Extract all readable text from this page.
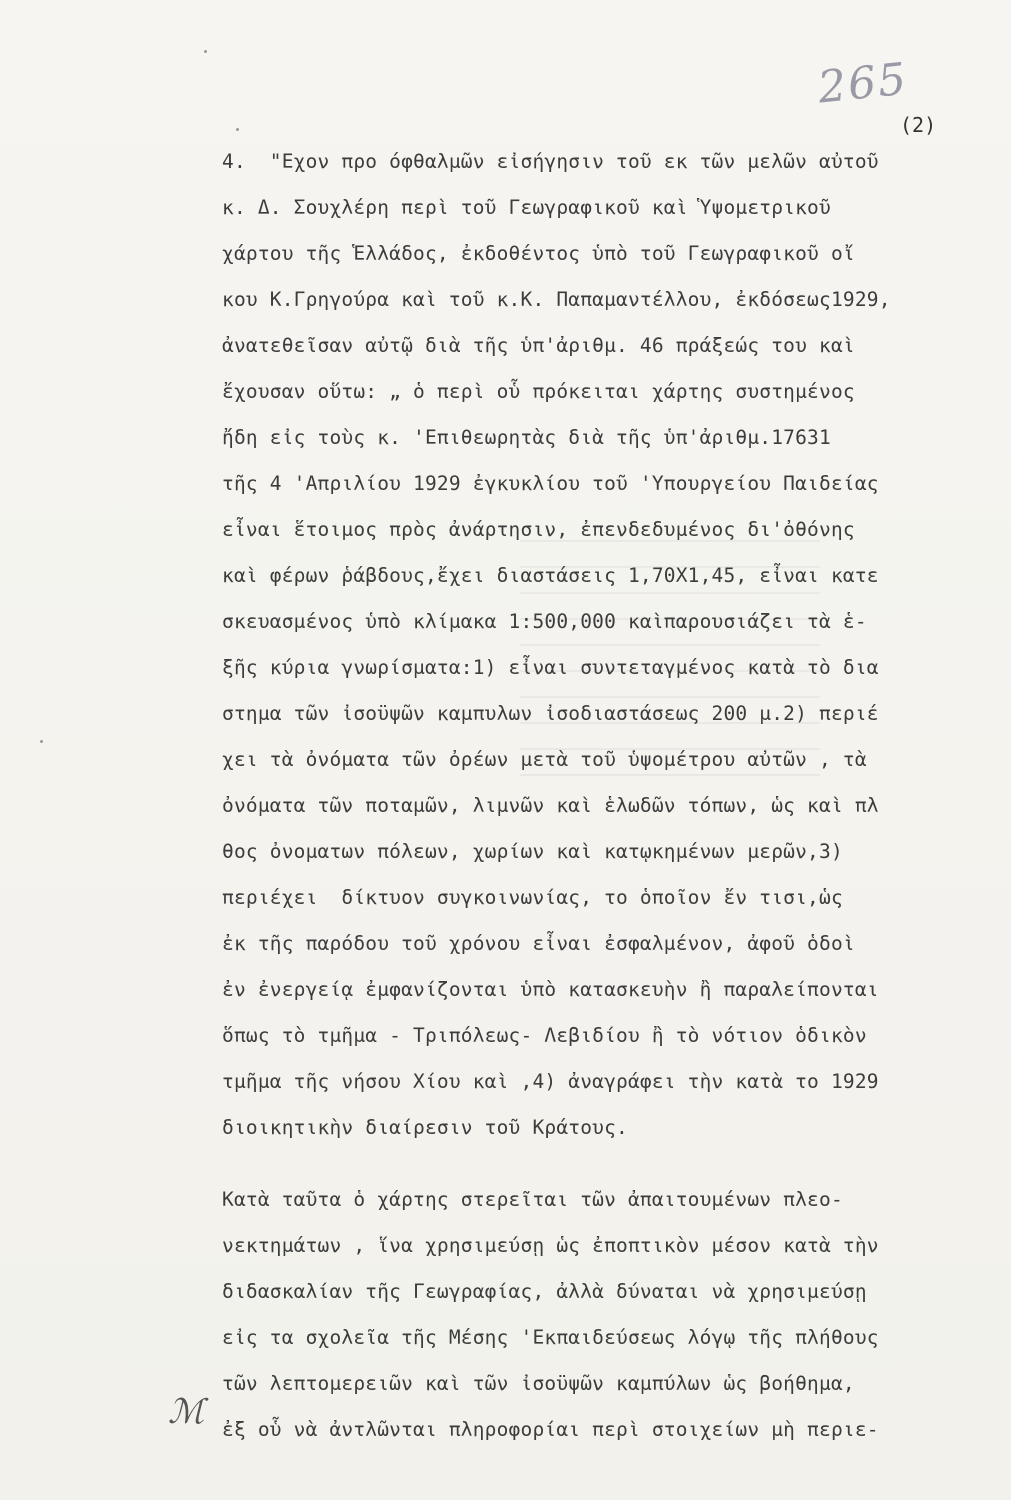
265
(2)
4.  "Εχον προ όφθαλμῶν εἰσήγησιν τοῦ εκ τῶν μελῶν αὐτοῦ
κ. Δ. Σουχλέρη περὶ τοῦ Γεωγραφικοῦ καὶ Ὑψομετρικοῦ
χάρτου τῆς Ἑλλάδος, ἐκδοθέντος ὑπὸ τοῦ Γεωγραφικοῦ οἴ
κου Κ.Γρηγούρα καὶ τοῦ κ.Κ. Παπαμαντέλλου, ἐκδόσεως1929,
ἀνατεθεῖσαν αὐτῷ διὰ τῆς ὑπ'ἀριθμ. 46 πράξεώς του καὶ
ἔχουσαν οὕτω: „ ὁ περὶ οὗ πρόκειται χάρτης συστημένος
ἤδη εἰς τοὺς κ. 'Επιθεωρητὰς διὰ τῆς ὑπ'ἀριθμ.17631
τῆς 4 'Απριλίου 1929 ἐγκυκλίου τοῦ 'Υπουργείου Παιδείας
εἶναι ἕτοιμος πρὸς ἀνάρτησιν, ἐπενδεδυμένος δι'ὀθόνης
καὶ φέρων ῥάβδους,ἔχει διαστάσεις 1,70Χ1,45, εἶναι κατε
σκευασμένος ὑπὸ κλίμακα 1:500,000 καὶπαρουσιάζει τὰ ἑ-
ξῆς κύρια γνωρίσματα:1) εἶναι συντεταγμένος κατὰ τὸ δια
στημα τῶν ἰσοϋψῶν καμπυλων ἰσοδιαστάσεως 200 μ.2) περιέ
χει τὰ ὀνόματα τῶν ὀρέων μετὰ τοῦ ὑψομέτρου αὐτῶν , τὰ
ὀνόματα τῶν ποταμῶν, λιμνῶν καὶ ἑλωδῶν τόπων, ὡς καὶ πλ
θος ὀνοματων πόλεων, χωρίων καὶ κατῳκημένων μερῶν,3)
περιέχει  δίκτυον συγκοινωνίας, το ὁποῖον ἔν τισι,ὡς
ἐκ τῆς παρόδου τοῦ χρόνου εἶναι ἐσφαλμένον, ἀφοῦ ὁδοὶ
ἐν ἐνεργείᾳ ἐμφανίζονται ὑπὸ κατασκευὴν ἢ παραλείπονται
ὅπως τὸ τμῆμα - Τριπόλεως- Λεβιδίου ἢ τὸ νότιον ὁδικὸν
τμῆμα τῆς νήσου Χίου καὶ ,4) ἀναγράφει τὴν κατὰ το 1929
διοικητικὴν διαίρεσιν τοῦ Κράτους.
Κατὰ ταῦτα ὁ χάρτης στερεῖται τῶν ἀπαιτουμένων πλεο-
νεκτημάτων , ἵνα χρησιμεύσῃ ὡς ἐποπτικὸν μέσον κατὰ τὴν
διδασκαλίαν τῆς Γεωγραφίας, ἀλλὰ δύναται νὰ χρησιμεύσῃ
εἰς τα σχολεῖα τῆς Μέσης 'Εκπαιδεύσεως λόγῳ τῆς πλήθους
τῶν λεπτομερειῶν καὶ τῶν ἰσοϋψῶν καμπύλων ὡς βοήθημα,
ἐξ οὗ νὰ ἀντλῶνται πληροφορίαι περὶ στοιχείων μὴ περιε-
ℳ
